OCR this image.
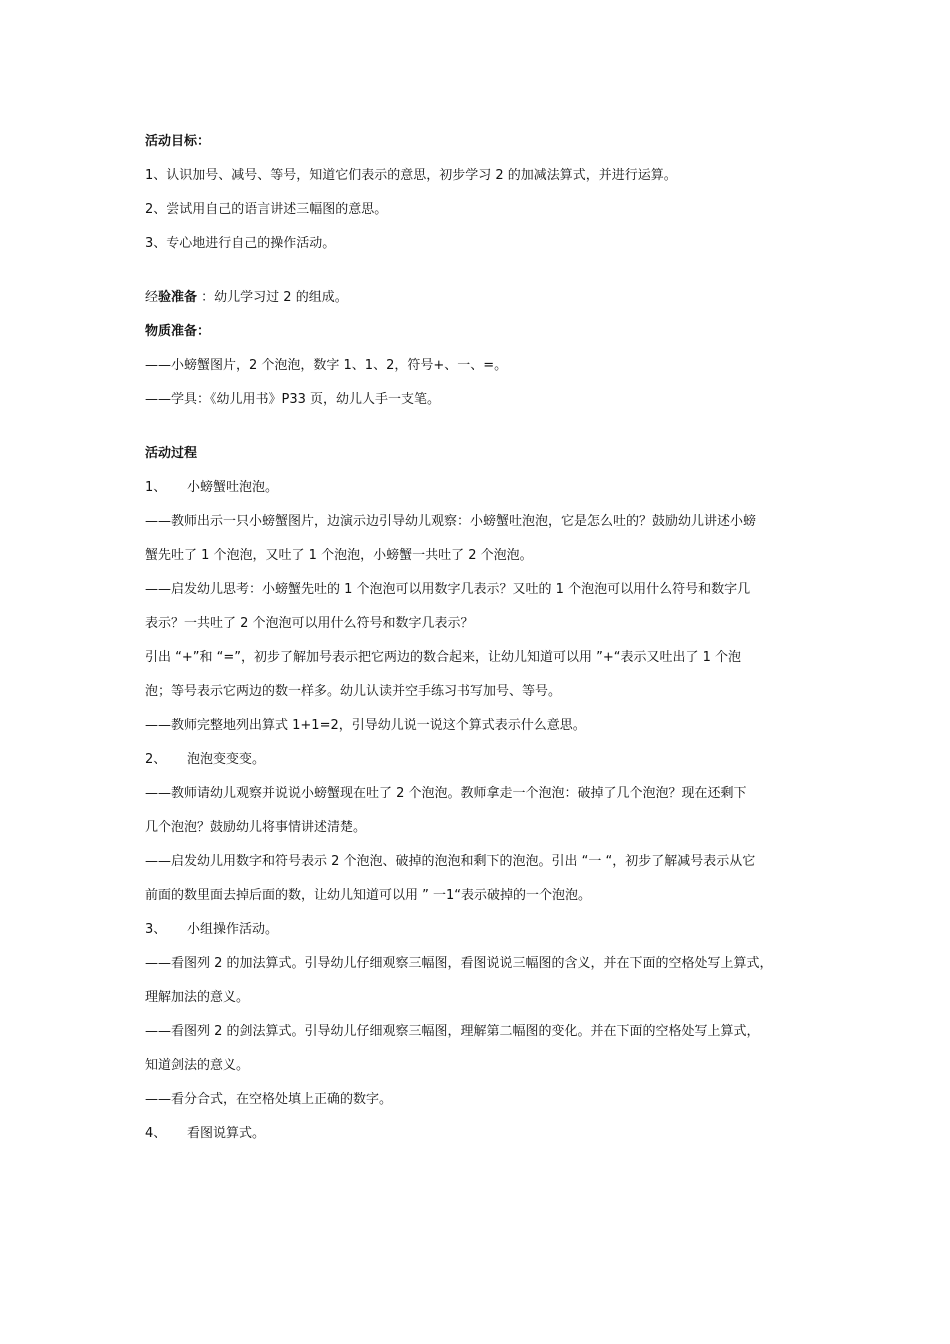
活动目标：

1、认识加号、减号、等号，知道它们表示的意思，初步学习 2 的加减法算式，并进行运算。

2、尝试用自己的语言讲述三幅图的意思。

3、专心地进行自己的操作活动。

经验准备 ：幼儿学习过 2 的组成。

物质准备：

——小螃蟹图片，2 个泡泡，数字 1、1、2，符号+、一、=。

——学具：《幼儿用书》P33 页，幼儿人手一支笔。

活动过程

1、 小螃蟹吐泡泡。

——教师出示一只小螃蟹图片，边演示边引导幼儿观察：小螃蟹吐泡泡，它是怎么吐的？鼓励幼儿讲述小螃

蟹先吐了 1 个泡泡，又吐了 1 个泡泡，小螃蟹一共吐了 2 个泡泡。

——启发幼儿思考：小螃蟹先吐的 1 个泡泡可以用数字几表示？又吐的 1 个泡泡可以用什么符号和数字几

表示？一共吐了 2 个泡泡可以用什么符号和数字几表示？

引出 “+”和 “=”，初步了解加号表示把它两边的数合起来，让幼儿知道可以用 ”+“表示又吐出了 1 个泡

泡；等号表示它两边的数一样多。幼儿认读并空手练习书写加号、等号。

——教师完整地列出算式 1+1=2，引导幼儿说一说这个算式表示什么意思。

2、 泡泡变变变。

——教师请幼儿观察并说说小螃蟹现在吐了 2 个泡泡。教师拿走一个泡泡：破掉了几个泡泡？现在还剩下

几个泡泡？鼓励幼儿将事情讲述清楚。

——启发幼儿用数字和符号表示 2 个泡泡、破掉的泡泡和剩下的泡泡。引出 “一 “，初步了解减号表示从它

前面的数里面去掉后面的数，让幼儿知道可以用 ” 一1“表示破掉的一个泡泡。

3、 小组操作活动。

——看图列 2 的加法算式。引导幼儿仔细观察三幅图，看图说说三幅图的含义，并在下面的空格处写上算式，

理解加法的意义。

——看图列 2 的剑法算式。引导幼儿仔细观察三幅图，理解第二幅图的变化。并在下面的空格处写上算式，

知道剑法的意义。

——看分合式，在空格处填上正确的数字。

4、 看图说算式。
